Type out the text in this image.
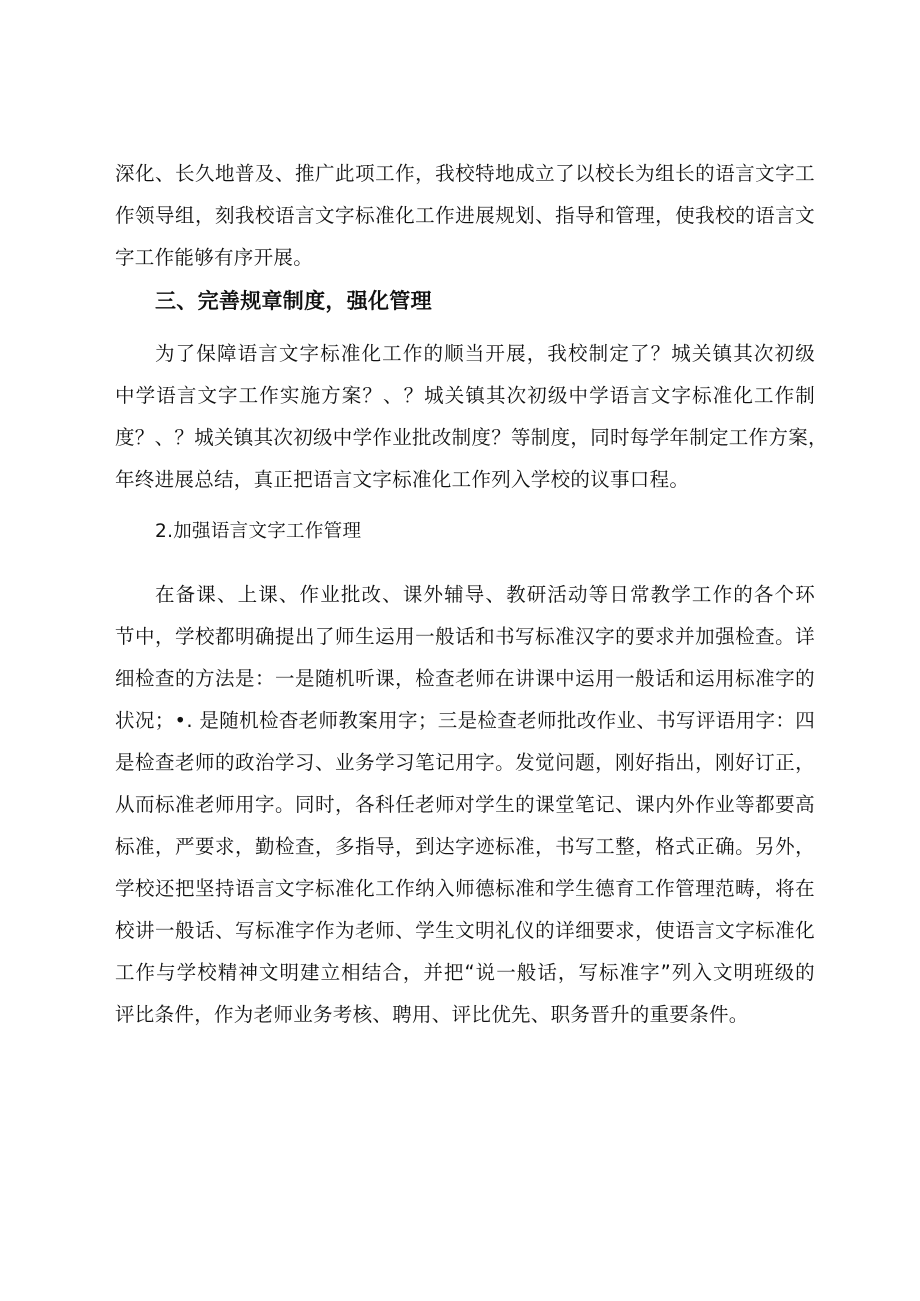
深化、长久地普及、推广此项工作，我校特地成立了以校长为组长的语言文字工
作领导组，刻我校语言文字标准化工作进展规划、指导和管理，使我校的语言文
字工作能够有序开展。
三、完善规章制度，强化管理
为了保障语言文字标准化工作的顺当开展，我校制定了？城关镇其次初级
中学语言文字工作实施方案？、？城关镇其次初级中学语言文字标准化工作制
度？、？城关镇其次初级中学作业批改制度？等制度，同时每学年制定工作方案，
年终进展总结，真正把语言文字标准化工作列入学校的议事口程。
2.加强语言文字工作管理
在备课、上课、作业批改、课外辅导、教研活动等日常教学工作的各个环
节中，学校都明确提出了师生运用一般话和书写标准汉字的要求并加强检查。详
细检查的方法是：一是随机听课，检查老师在讲课中运用一般话和运用标准字的
状况；•. 是随机检杳老师教案用字；三是检查老师批改作业、书写评语用字：四
是检查老师的政治学习、业务学习笔记用字。发觉问题，刚好指出，刚好订正，
从而标准老师用字。同时，各科任老师对学生的课堂笔记、课内外作业等都要高
标准，严要求，勤检查，多指导，到达字迹标准，书写工整，格式正确。另外，
学校还把坚持语言文字标准化工作纳入师德标准和学生德育工作管理范畴，将在
校讲一般话、写标准字作为老师、学生文明礼仪的详细要求，使语言文字标准化
工作与学校精神文明建立相结合，并把“说一般话，写标准字”列入文明班级的
评比条件，作为老师业务考核、聘用、评比优先、职务晋升的重要条件。
